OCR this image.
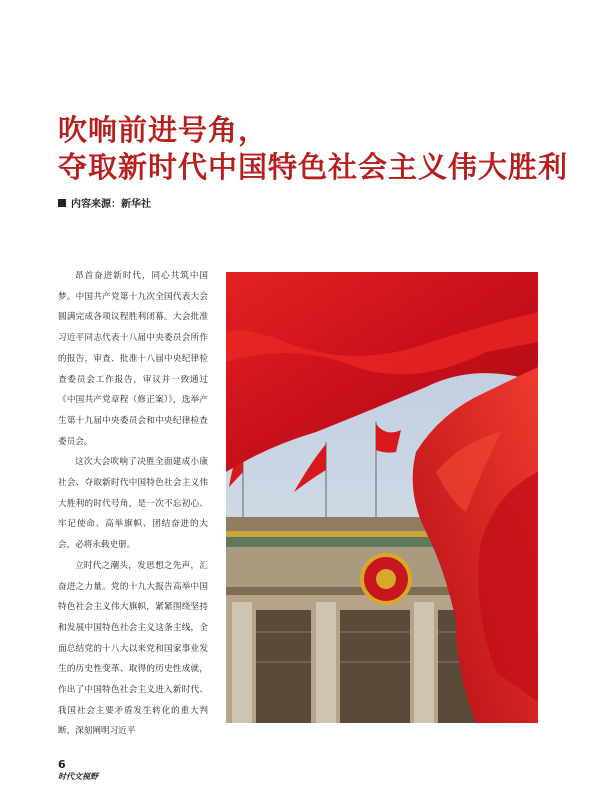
吹响前进号角，
夺取新时代中国特色社会主义伟大胜利
内容来源：新华社

昂首奋进新时代，同心共筑中国梦。中国共产党第十九次全国代表大会圆满完成各项议程胜利闭幕。大会批准习近平同志代表十八届中央委员会所作的报告，审查、批准十八届中央纪律检查委员会工作报告，审议并一致通过《中国共产党章程（修正案）》，选举产生第十九届中央委员会和中央纪律检查委员会。

这次大会吹响了决胜全面建成小康社会、夺取新时代中国特色社会主义伟大胜利的时代号角，是一次不忘初心、牢记使命、高举旗帜、团结奋进的大会，必将永载史册。

立时代之潮头，发思想之先声，汇奋进之力量。党的十九大报告高举中国特色社会主义伟大旗帜，紧紧围绕坚持和发展中国特色社会主义这条主线，全面总结党的十八大以来党和国家事业发生的历史性变革、取得的历史性成就，作出了中国特色社会主义进入新时代、我国社会主要矛盾发生转化的重大判断，深刻阐明习近平

6
时代文视野
